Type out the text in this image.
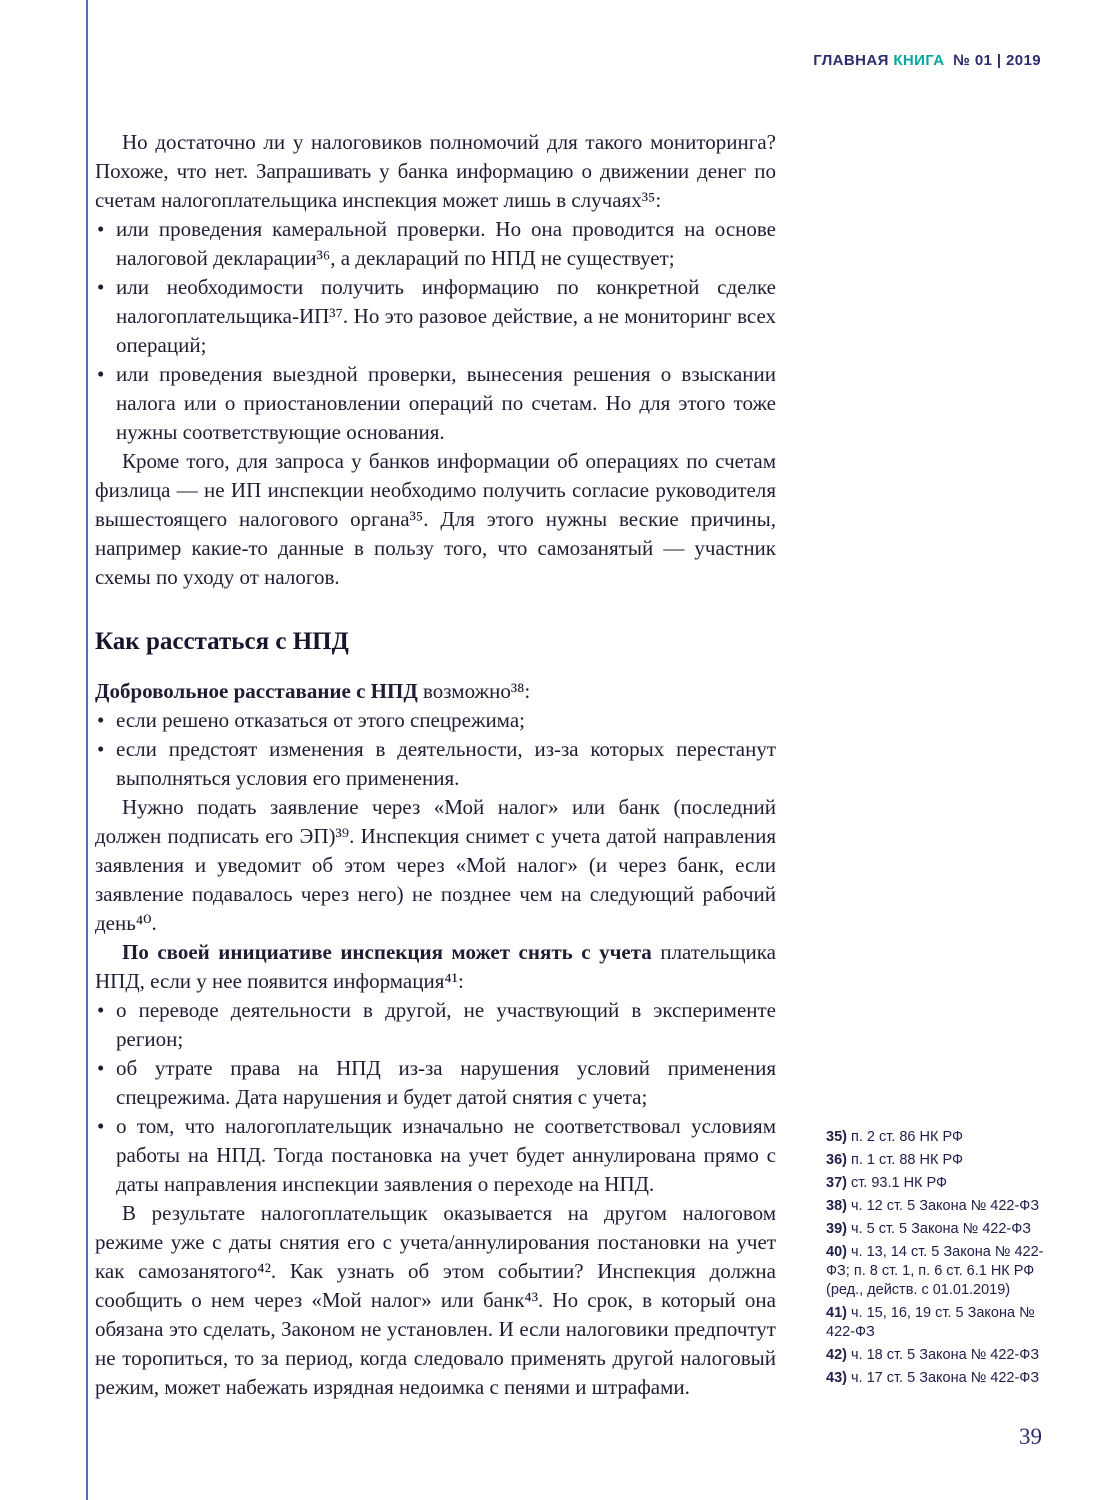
ГЛАВНАЯ КНИГА № 01 | 2019

Но достаточно ли у налоговиков полномочий для такого мониторинга? Похоже, что нет. Запрашивать у банка информацию о движении денег по счетам налогоплательщика инспекция может лишь в случаях³⁵:

• или проведения камеральной проверки. Но она проводится на основе налоговой декларации³⁶, а деклараций по НПД не существует;
• или необходимости получить информацию по конкретной сделке налогоплательщика-ИП³⁷. Но это разовое действие, а не мониторинг всех операций;
• или проведения выездной проверки, вынесения решения о взыскании налога или о приостановлении операций по счетам. Но для этого тоже нужны соответствующие основания.

Кроме того, для запроса у банков информации об операциях по счетам физлица — не ИП инспекции необходимо получить согласие руководителя вышестоящего налогового органа³⁵. Для этого нужны веские причины, например какие-то данные в пользу того, что самозанятый — участник схемы по уходу от налогов.

Как расстаться с НПД

Добровольное расставание с НПД возможно³⁸:

• если решено отказаться от этого спецрежима;
• если предстоят изменения в деятельности, из-за которых перестанут выполняться условия его применения.

Нужно подать заявление через «Мой налог» или банк (последний должен подписать его ЭП)³⁹. Инспекция снимет с учета датой направления заявления и уведомит об этом через «Мой налог» (и через банк, если заявление подавалось через него) не позднее чем на следующий рабочий день⁴⁰.

По своей инициативе инспекция может снять с учета плательщика НПД, если у нее появится информация⁴¹:

• о переводе деятельности в другой, не участвующий в эксперименте регион;
• об утрате права на НПД из-за нарушения условий применения спецрежима. Дата нарушения и будет датой снятия с учета;
• о том, что налогоплательщик изначально не соответствовал условиям работы на НПД. Тогда постановка на учет будет аннулирована прямо с даты направления инспекции заявления о переходе на НПД.

В результате налогоплательщик оказывается на другом налоговом режиме уже с даты снятия его с учета/аннулирования постановки на учет как самозанятого⁴². Как узнать об этом событии? Инспекция должна сообщить о нем через «Мой налог» или банк⁴³. Но срок, в который она обязана это сделать, Законом не установлен. И если налоговики предпочтут не торопиться, то за период, когда следовало применять другой налоговый режим, может набежать изрядная недоимка с пенями и штрафами.

35) п. 2 ст. 86 НК РФ

36) п. 1 ст. 88 НК РФ

37) ст. 93.1 НК РФ

38) ч. 12 ст. 5 Закона № 422-ФЗ

39) ч. 5 ст. 5 Закона № 422-ФЗ

40) ч. 13, 14 ст. 5 Закона № 422-ФЗ; п. 8 ст. 1, п. 6 ст. 6.1 НК РФ (ред., действ. с 01.01.2019)

41) ч. 15, 16, 19 ст. 5 Закона № 422-ФЗ

42) ч. 18 ст. 5 Закона № 422-ФЗ

43) ч. 17 ст. 5 Закона № 422-ФЗ

39
